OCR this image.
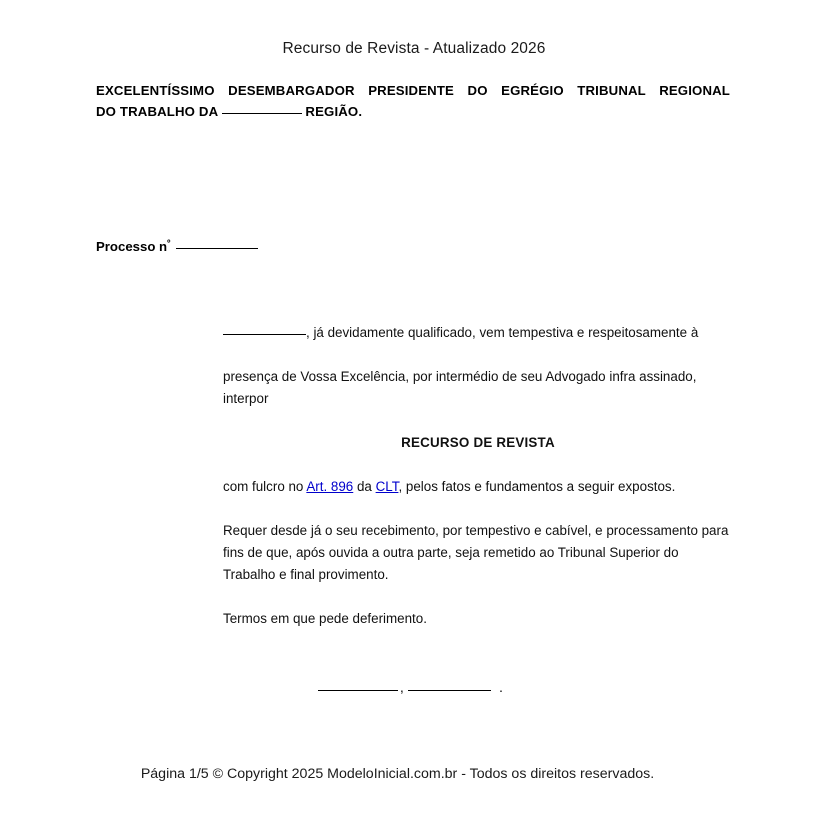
Recurso de Revista - Atualizado 2026
EXCELENTÍSSIMO DESEMBARGADOR PRESIDENTE DO EGRÉGIO TRIBUNAL REGIONAL
DO TRABALHO DA	REGIÃO.
Processo $n^º$

, já devidamente qualificado, vem tempestiva e respeitosamente à
presença de Vossa Excelência, por intermédio de seu Advogado infra assinado,
interpor

RECURSO DE REVISTA

com fulcro no Art. 896 da CLT, pelos fatos e fundamentos a seguir expostos.

Requer desde já o seu recebimento, por tempestivo e cabível, e processamento para fins de que, após ouvida a outra parte, seja remetido ao Tribunal Superior do Trabalho e final provimento.

Termos em que pede deferimento.

,	.
Página 1/5 © Copyright 2025 ModeloInicial.com.br - Todos os direitos reservados.
